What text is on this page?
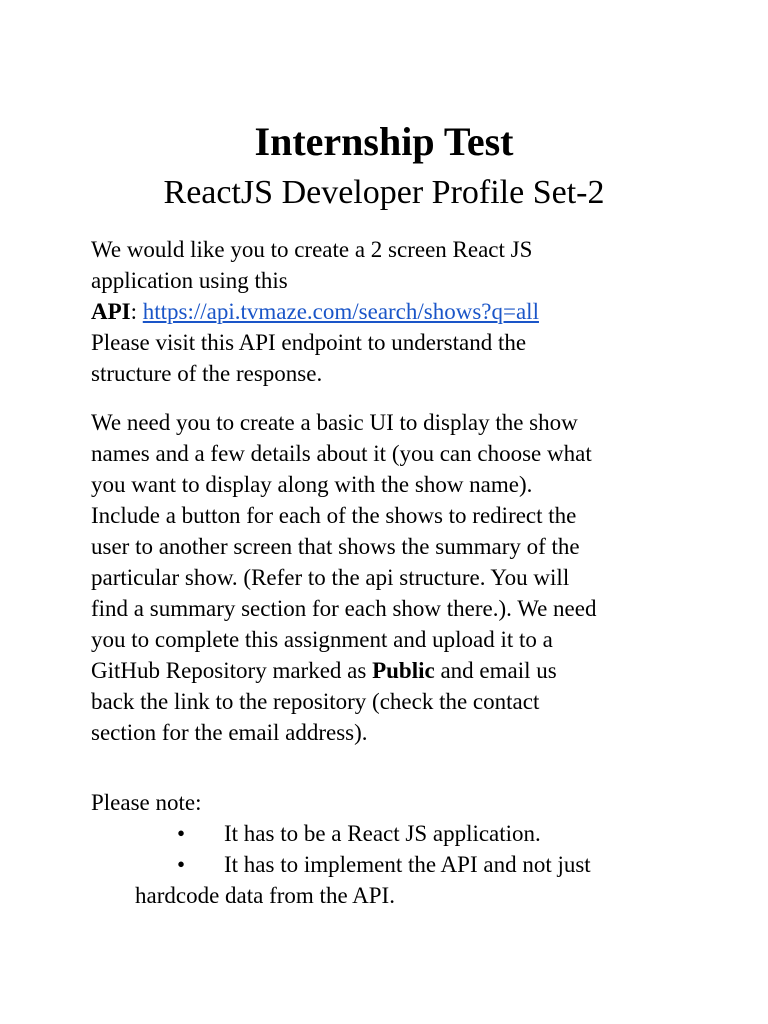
Internship Test
ReactJS Developer Profile Set-2
We would like you to create a 2 screen React JS
application using this
API: https://api.tvmaze.com/search/shows?q=all
Please visit this API endpoint to understand the
structure of the response.
We need you to create a basic UI to display the show
names and a few details about it (you can choose what
you want to display along with the show name).
Include a button for each of the shows to redirect the
user to another screen that shows the summary of the
particular show. (Refer to the api structure. You will
find a summary section for each show there.). We need
you to complete this assignment and upload it to a
GitHub Repository marked as Public and email us
back the link to the repository (check the contact
section for the email address).
Please note:

• It has to be a React JS application.

• It has to implement the API and not just
hardcode data from the API.
